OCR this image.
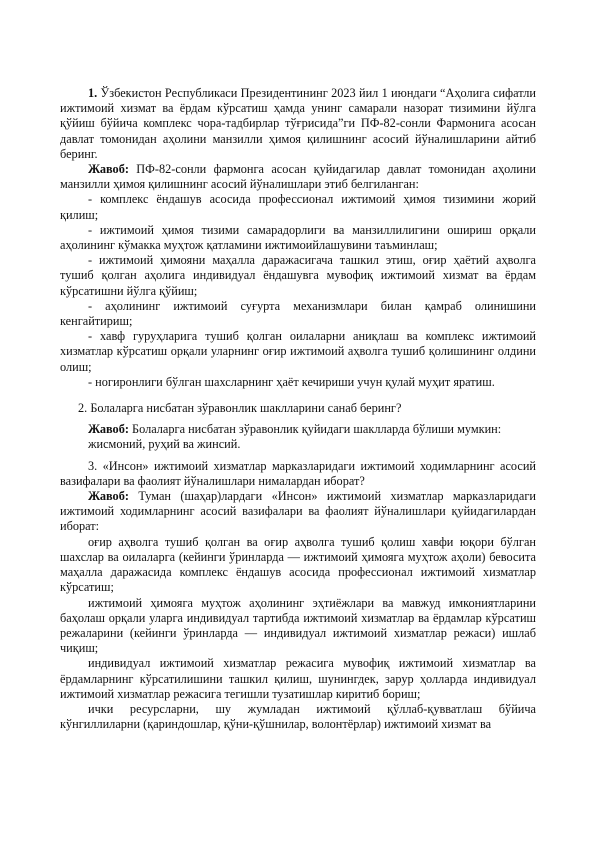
1. Ўзбекистон Республикаси Президентининг 2023 йил 1 июндаги “Аҳолига сифатли ижтимоий хизмат ва ёрдам кўрсатиш ҳамда унинг самарали назорат тизимини йўлга қўйиш бўйича комплекс чора-тадбирлар тўғрисида”ги ПФ-82-сонли Фармонига асосан давлат томонидан аҳолини манзилли ҳимоя қилишнинг асосий йўналишларини айтиб беринг.

Жавоб: ПФ-82-сонли фармонга асосан қуйидагилар давлат томонидан аҳолини манзилли ҳимоя қилишнинг асосий йўналишлари этиб белгиланган:

- комплекс ёндашув асосида профессионал ижтимоий ҳимоя тизимини жорий қилиш;

- ижтимоий ҳимоя тизими самарадорлиги ва манзиллилигини ошириш орқали аҳолининг кўмакка муҳтож қатламини ижтимоийлашувини таъминлаш;

- ижтимоий ҳимояни маҳалла даражасигача ташкил этиш, оғир ҳаётий аҳволга тушиб қолган аҳолига индивидуал ёндашувга мувофиқ ижтимоий хизмат ва ёрдам кўрсатишни йўлга қўйиш;

- аҳолининг ижтимоий суғурта механизмлари билан қамраб олинишини кенгайтириш;

- хавф гуруҳларига тушиб қолган оилаларни аниқлаш ва комплекс ижтимоий хизматлар кўрсатиш орқали уларнинг оғир ижтимоий аҳволга тушиб қолишининг олдини олиш;

- ногиронлиги бўлган шахсларнинг ҳаёт кечириши учун қулай муҳит яратиш.

2. Болаларга нисбатан зўравонлик шаклларини санаб беринг?

Жавоб: Болаларга нисбатан зўравонлик қуйидаги шаклларда бўлиши мумкин: жисмоний, руҳий ва жинсий.

3. «Инсон» ижтимоий хизматлар марказларидаги ижтимоий ходимларнинг асосий вазифалари ва фаолият йўналишлари нималардан иборат?

Жавоб: Туман (шаҳар)лардаги «Инсон» ижтимоий хизматлар марказларидаги ижтимоий ходимларнинг асосий вазифалари ва фаолият йўналишлари қуйидагилардан иборат:

оғир аҳволга тушиб қолган ва оғир аҳволга тушиб қолиш хавфи юқори бўлган шахслар ва оилаларга (кейинги ўринларда — ижтимоий ҳимояга муҳтож аҳоли) бевосита маҳалла даражасида комплекс ёндашув асосида профессионал ижтимоий хизматлар кўрсатиш;

ижтимоий ҳимояга муҳтож аҳолининг эҳтиёжлари ва мавжуд имкониятларини баҳолаш орқали уларга индивидуал тартибда ижтимоий хизматлар ва ёрдамлар кўрсатиш режаларини (кейинги ўринларда — индивидуал ижтимоий хизматлар режаси) ишлаб чиқиш;

индивидуал ижтимоий хизматлар режасига мувофиқ ижтимоий хизматлар ва ёрдамларнинг кўрсатилишини ташкил қилиш, шунингдек, зарур ҳолларда индивидуал ижтимоий хизматлар режасига тегишли тузатишлар киритиб бориш;

ички ресурсларни, шу жумладан ижтимоий қўллаб-қувватлаш бўйича кўнгиллиларни (қариндошлар, қўни-қўшнилар, волонтёрлар) ижтимоий хизмат ва
